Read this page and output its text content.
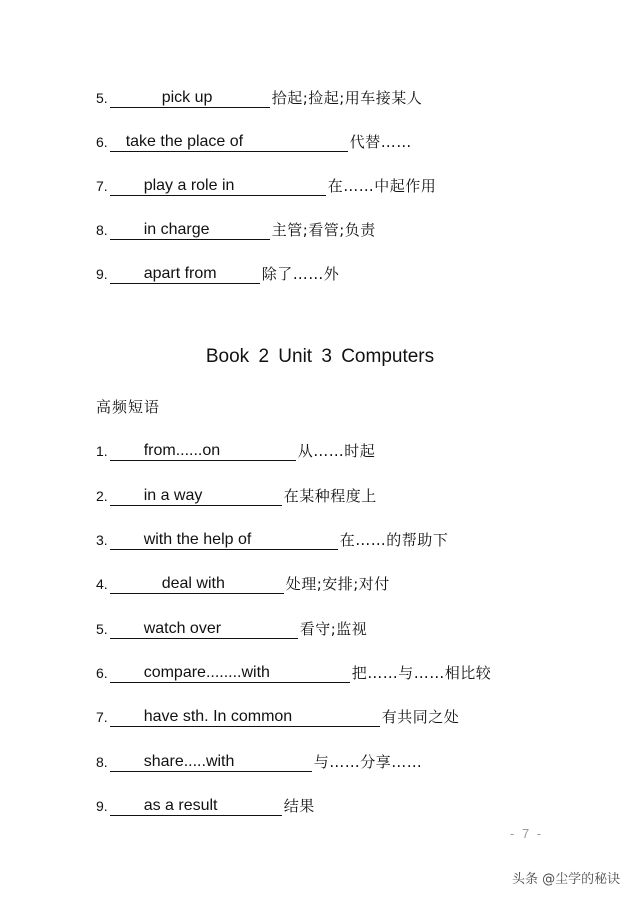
5.	pick up	拾起;捡起;用车接某人
6.	take the place of	代替……
7.	play a role in	在……中起作用
8.	in charge	主管;看管;负责
9.	apart from	除了……外
Book 2 Unit 3 Computers
高频短语
1.	from......on	从……时起
2.	in a way	在某种程度上
3.	with the help of	在……的帮助下
4.	deal with	处理;安排;对付
5.	watch over	看守;监视
6.	compare........with	把……与……相比较
7.	have sth. In common	有共同之处
8.	share.....with	与……分享……
9.	as a result	结果
- 7 -
头条 @尘学的秘诀
